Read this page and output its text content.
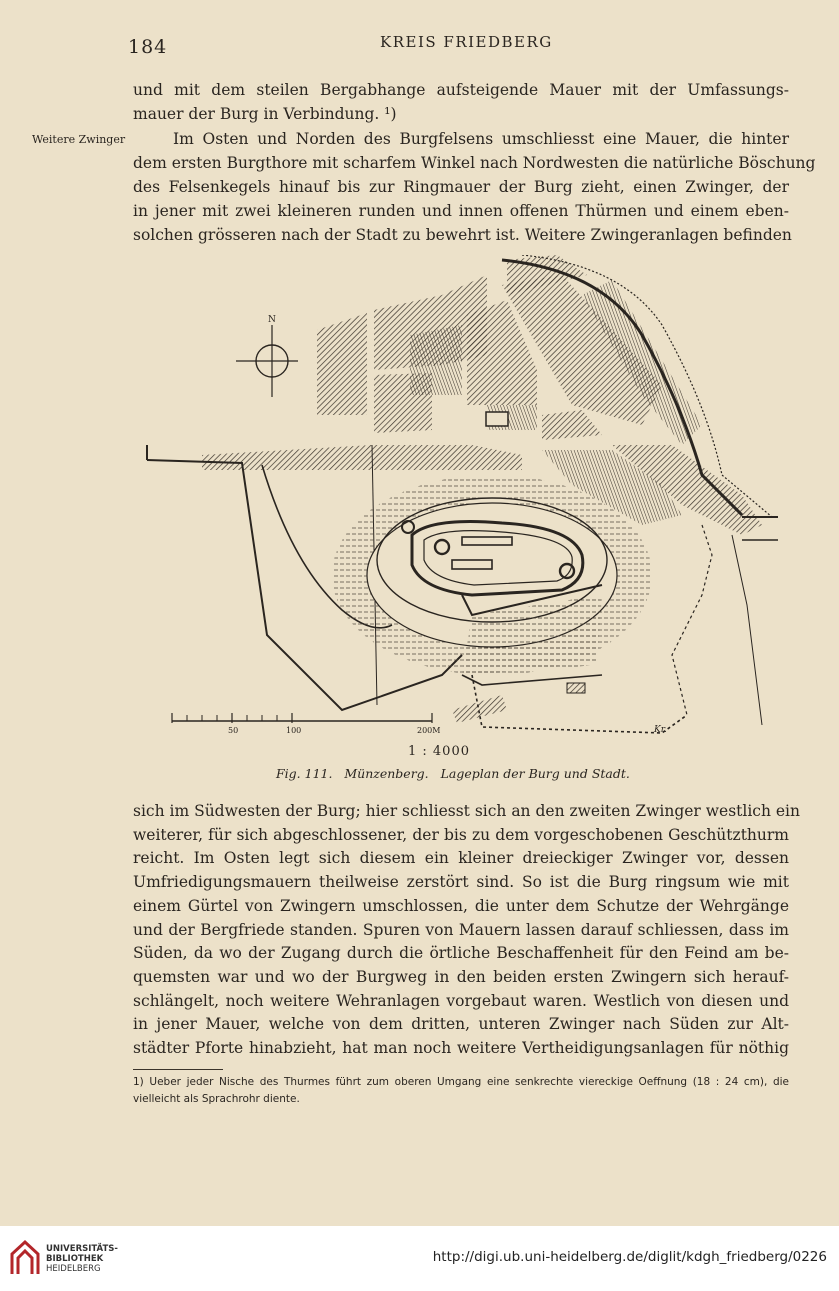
184	KREIS FRIEDBERG
Weitere Zwinger
und mit dem steilen Bergabhange aufsteigende Mauer mit der Umfassungs-
mauer der Burg in Verbindung. ¹)
Im Osten und Norden des Burgfelsens umschliesst eine Mauer, die hinter
dem ersten Burgthore mit scharfem Winkel nach Nordwesten die natürliche Böschung
des Felsenkegels hinauf bis zur Ringmauer der Burg zieht, einen Zwinger, der
in jener mit zwei kleineren runden und innen offenen Thürmen und einem eben-
solchen grösseren nach der Stadt zu bewehrt ist. Weitere Zwingeranlagen befinden
N
50	100	200M	Kr.
1 : 4000
Fig. 111. Münzenberg. Lageplan der Burg und Stadt.
sich im Südwesten der Burg; hier schliesst sich an den zweiten Zwinger westlich ein
weiterer, für sich abgeschlossener, der bis zu dem vorgeschobenen Geschützthurm
reicht. Im Osten legt sich diesem ein kleiner dreieckiger Zwinger vor, dessen
Umfriedigungsmauern theilweise zerstört sind. So ist die Burg ringsum wie mit
einem Gürtel von Zwingern umschlossen, die unter dem Schutze der Wehrgänge
und der Bergfriede standen. Spuren von Mauern lassen darauf schliessen, dass im
Süden, da wo der Zugang durch die örtliche Beschaffenheit für den Feind am be-
quemsten war und wo der Burgweg in den beiden ersten Zwingern sich herauf-
schlängelt, noch weitere Wehranlagen vorgebaut waren. Westlich von diesen und
in jener Mauer, welche von dem dritten, unteren Zwinger nach Süden zur Alt-
städter Pforte hinabzieht, hat man noch weitere Vertheidigungsanlagen für nöthig
1) Ueber jeder Nische des Thurmes führt zum oberen Umgang eine senkrechte viereckige Oeffnung (18 : 24 cm), die vielleicht als Sprachrohr diente.
UNIVERSITÄTS-
BIBLIOTHEK
HEIDELBERG
http://digi.ub.uni-heidelberg.de/diglit/kdgh_friedberg/0226
